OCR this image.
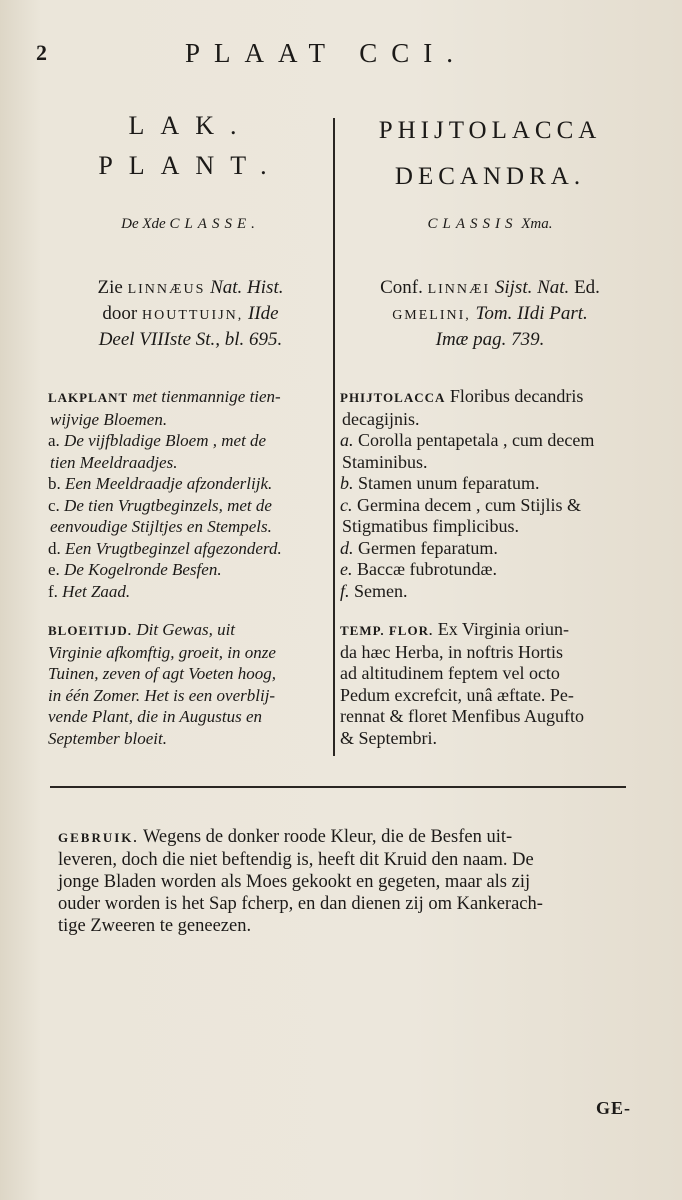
2	PLAAT CCI.
LAK.
PLANT.
De Xde CLASSE.
Zie LINNÆUS Nat. Hist.
door HOUTTUIJN, IIde
Deel VIIIste St., bl. 695.
LAKPLANT met tienmannige tien-
wijvige Bloemen.
a. De vijfbladige Bloem , met de
tien Meeldraadjes.
b. Een Meeldraadje afzonderlijk.
c. De tien Vrugtbeginzels, met de
eenvoudige Stijltjes en Stempels.
d. Een Vrugtbeginzel afgezonderd.
e. De Kogelronde Besfen.
f. Het Zaad.
BLOEITIJD. Dit Gewas, uit
Virginie afkomftig, groeit, in onze
Tuinen, zeven of agt Voeten hoog,
in één Zomer. Het is een overblij-
vende Plant, die in Augustus en
September bloeit.
PHIJTOLACCA
DECANDRA.
CLASSIS Xma.
Conf. LINNÆI Sijst. Nat. Ed.
GMELINI, Tom. IIdi Part.
Imæ pag. 739.
PHIJTOLACCA Floribus decandris
decagijnis.
a. Corolla pentapetala , cum decem
Staminibus.
b. Stamen unum feparatum.
c. Germina decem , cum Stijlis &
Stigmatibus fimplicibus.
d. Germen feparatum.
e. Baccæ fubrotundæ.
f. Semen.
TEMP. FLOR. Ex Virginia oriun-
da hæc Herba, in noftris Hortis
ad altitudinem feptem vel octo
Pedum excrefcit, unâ æftate. Pe-
rennat & floret Menfibus Augufto
& Septembri.
GEBRUIK. Wegens de donker roode Kleur, die de Besfen uit-
leveren, doch die niet beftendig is, heeft dit Kruid den naam. De
jonge Bladen worden als Moes gekookt en gegeten, maar als zij
ouder worden is het Sap fcherp, en dan dienen zij om Kankerach-
tige Zweeren te geneezen.
GE-
